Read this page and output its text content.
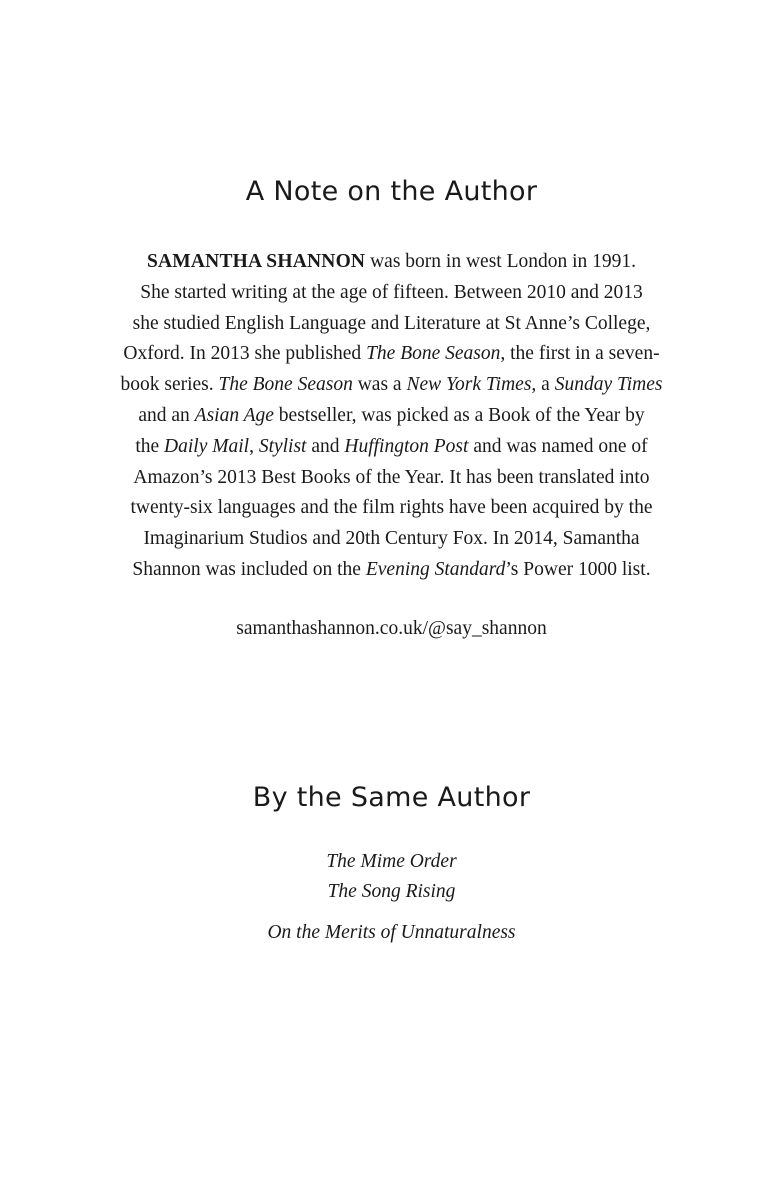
A Note on the Author

SAMANTHA SHANNON was born in west London in 1991.
She started writing at the age of fifteen. Between 2010 and 2013
she studied English Language and Literature at St Anne’s College,
Oxford. In 2013 she published The Bone Season, the first in a seven-
book series. The Bone Season was a New York Times, a Sunday Times
and an Asian Age bestseller, was picked as a Book of the Year by
the Daily Mail, Stylist and Huffington Post and was named one of
Amazon’s 2013 Best Books of the Year. It has been translated into
twenty-six languages and the film rights have been acquired by the
Imaginarium Studios and 20th Century Fox. In 2014, Samantha
Shannon was included on the Evening Standard’s Power 1000 list.

samanthashannon.co.uk/@say_shannon

By the Same Author
The Mime Order
The Song Rising
On the Merits of Unnaturalness
